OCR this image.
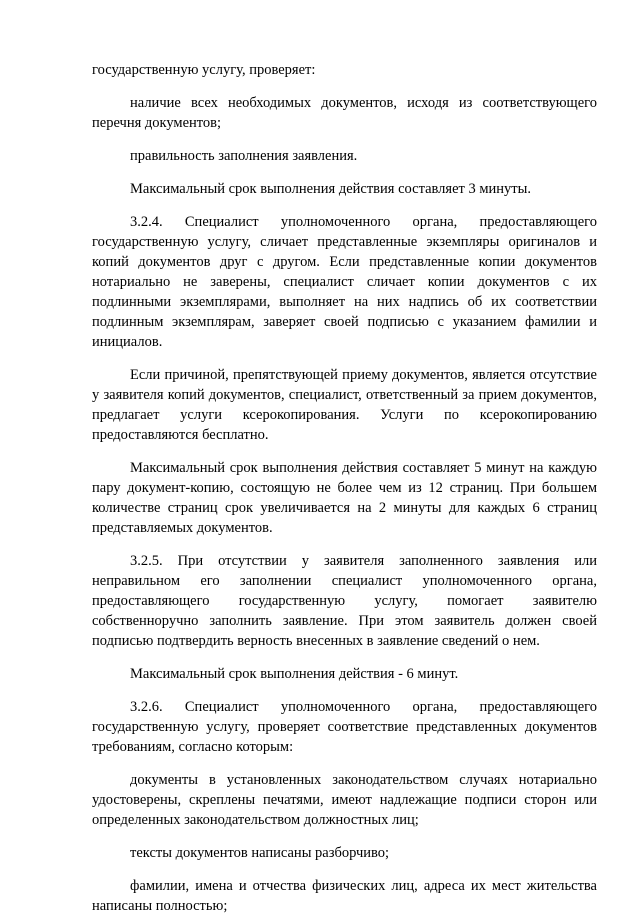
государственную услугу, проверяет:

наличие всех необходимых документов, исходя из соответствующего перечня документов;

правильность заполнения заявления.

Максимальный срок выполнения действия составляет 3 минуты.

3.2.4. Специалист уполномоченного органа, предоставляющего государственную услугу, сличает представленные экземпляры оригиналов и копий документов друг с другом. Если представленные копии документов нотариально не заверены, специалист сличает копии документов с их подлинными экземплярами, выполняет на них надпись об их соответствии подлинным экземплярам, заверяет своей подписью с указанием фамилии и инициалов.

Если причиной, препятствующей приему документов, является отсутствие у заявителя копий документов, специалист, ответственный за прием документов, предлагает услуги ксерокопирования. Услуги по ксерокопированию предоставляются бесплатно.

Максимальный срок выполнения действия составляет 5 минут на каждую пару документ-копию, состоящую не более чем из 12 страниц. При большем количестве страниц срок увеличивается на 2 минуты для каждых 6 страниц представляемых документов.

3.2.5. При отсутствии у заявителя заполненного заявления или неправильном его заполнении специалист уполномоченного органа, предоставляющего государственную услугу, помогает заявителю собственноручно заполнить заявление. При этом заявитель должен своей подписью подтвердить верность внесенных в заявление сведений о нем.

Максимальный срок выполнения действия - 6 минут.

3.2.6. Специалист уполномоченного органа, предоставляющего государственную услугу, проверяет соответствие представленных документов требованиям, согласно которым:

документы в установленных законодательством случаях нотариально удостоверены, скреплены печатями, имеют надлежащие подписи сторон или определенных законодательством должностных лиц;

тексты документов написаны разборчиво;

фамилии, имена и отчества физических лиц, адреса их мест жительства написаны полностью;
